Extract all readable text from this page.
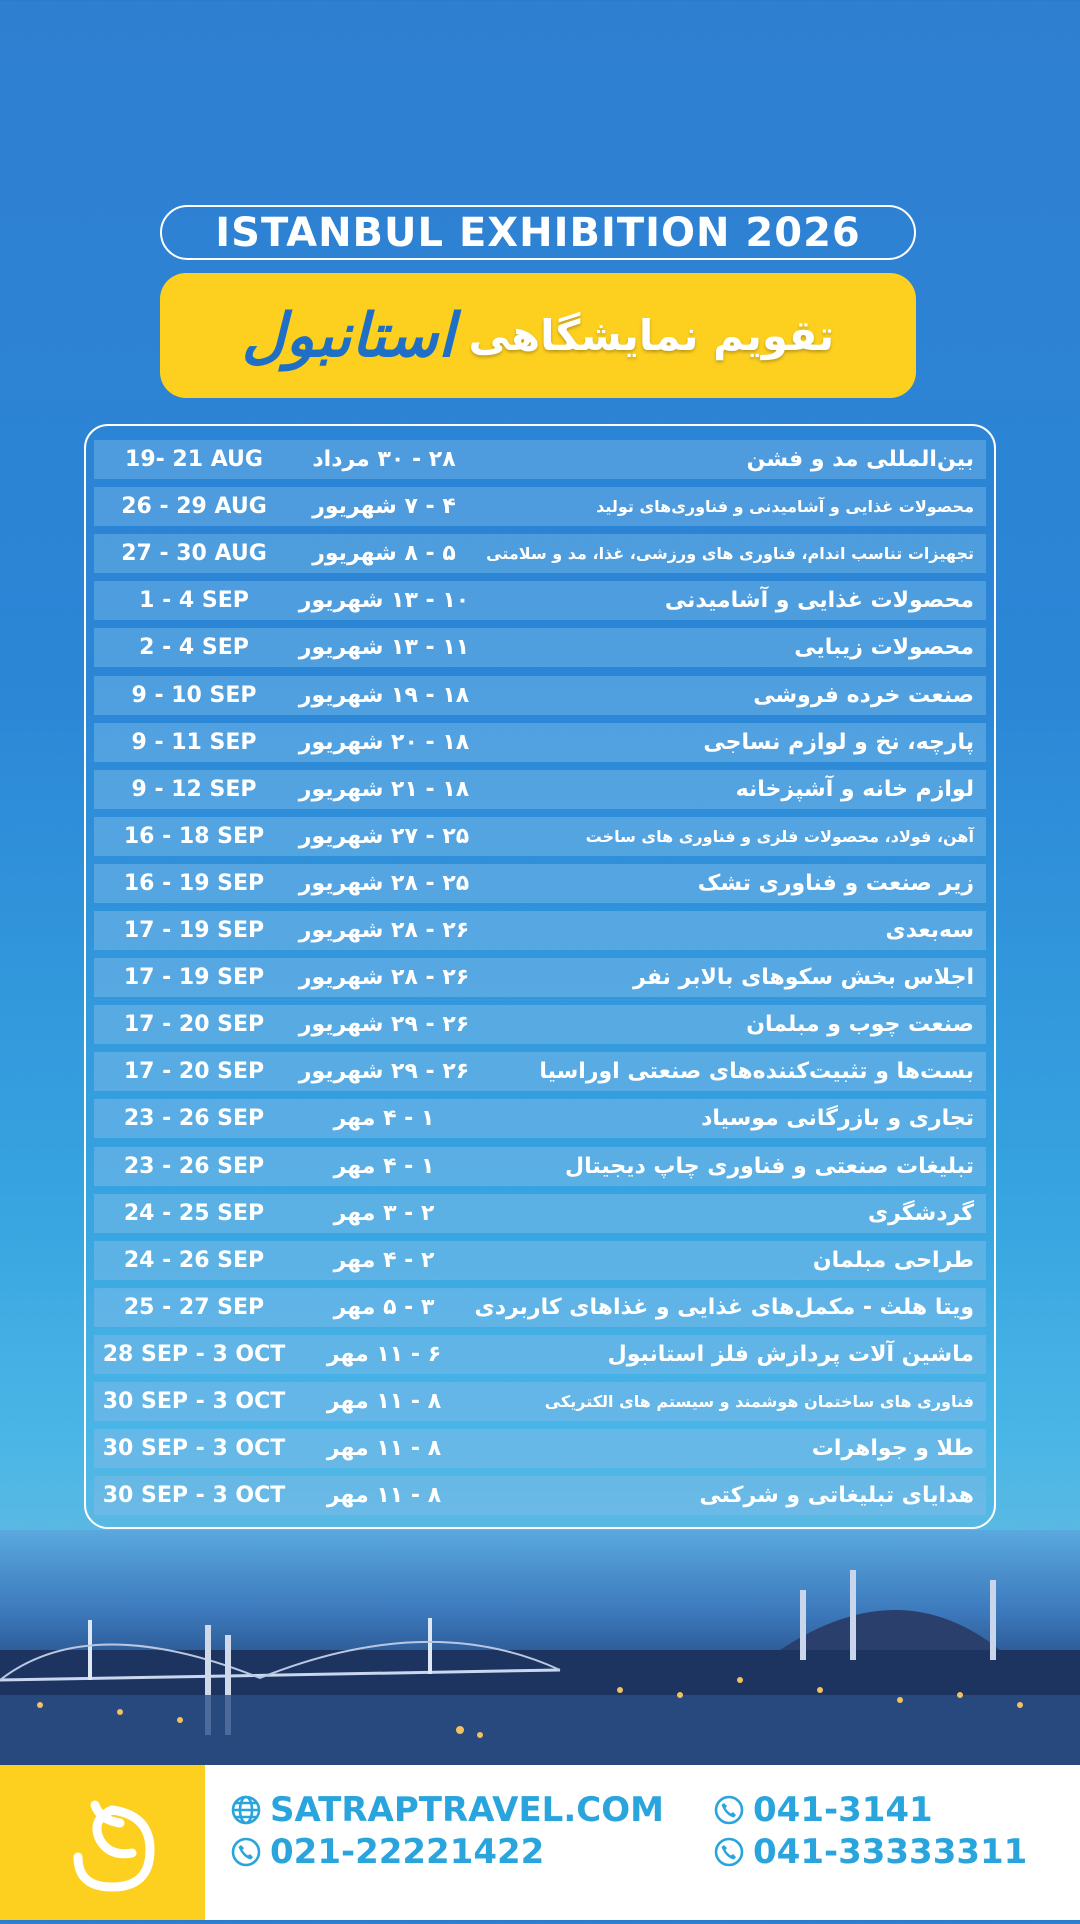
ISTANBUL EXHIBITION 2026
تقویم نمایشگاهی
استانبول
19- 21 AUG	۲۸ - ۳۰ مرداد	بین‌المللی مد و فشن
26 - 29 AUG	۴ - ۷ شهریور	محصولات غذایی و آشامیدنی و فناوری‌های تولید
27 - 30 AUG	۵ - ۸ شهریور	تجهیزات تناسب اندام، فناوری های ورزشی، غذا، مد و سلامتی
1 - 4 SEP	۱۰ - ۱۳ شهریور	محصولات غذایی و آشامیدنی
2 - 4 SEP	۱۱ - ۱۳ شهریور	محصولات زیبایی
9 - 10 SEP	۱۸ - ۱۹ شهریور	صنعت خرده فروشی
9 - 11 SEP	۱۸ - ۲۰ شهریور	پارچه، نخ و لوازم نساجی
9 - 12 SEP	۱۸ - ۲۱ شهریور	لوازم خانه و آشپزخانه
16 - 18 SEP	۲۵ - ۲۷ شهریور	آهن، فولاد، محصولات فلزی و فناوری های ساخت
16 - 19 SEP	۲۵ - ۲۸ شهریور	زیر صنعت و فناوری تشک
17 - 19 SEP	۲۶ - ۲۸ شهریور	سه‌بعدی
17 - 19 SEP	۲۶ - ۲۸ شهریور	اجلاس بخش سکوهای بالابر نفر
17 - 20 SEP	۲۶ - ۲۹ شهریور	صنعت چوب و مبلمان
17 - 20 SEP	۲۶ - ۲۹ شهریور	بست‌ها و تثبیت‌کننده‌های صنعتی اوراسیا
23 - 26 SEP	۱ - ۴ مهر	تجاری و بازرگانی موسیاد
23 - 26 SEP	۱ - ۴ مهر	تبلیغات صنعتی و فناوری چاپ دیجیتال
24 - 25 SEP	۲ - ۳ مهر	گردشگری
24 - 26 SEP	۲ - ۴ مهر	طراحی مبلمان
25 - 27 SEP	۳ - ۵ مهر	ویتا هلث - مکمل‌های غذایی و غذاهای کاربردی
28 SEP - 3 OCT	۶ - ۱۱ مهر	ماشین آلات پردازش فلز استانبول
30 SEP - 3 OCT	۸ - ۱۱ مهر	فناوری های ساختمان هوشمند و سیستم های الکتریکی
30 SEP - 3 OCT	۸ - ۱۱ مهر	طلا و جواهرات
30 SEP - 3 OCT	۸ - ۱۱ مهر	هدایای تبلیغاتی و شرکتی
SATRAPTRAVEL.COM
021-22221422
041-3141
041-33333311
